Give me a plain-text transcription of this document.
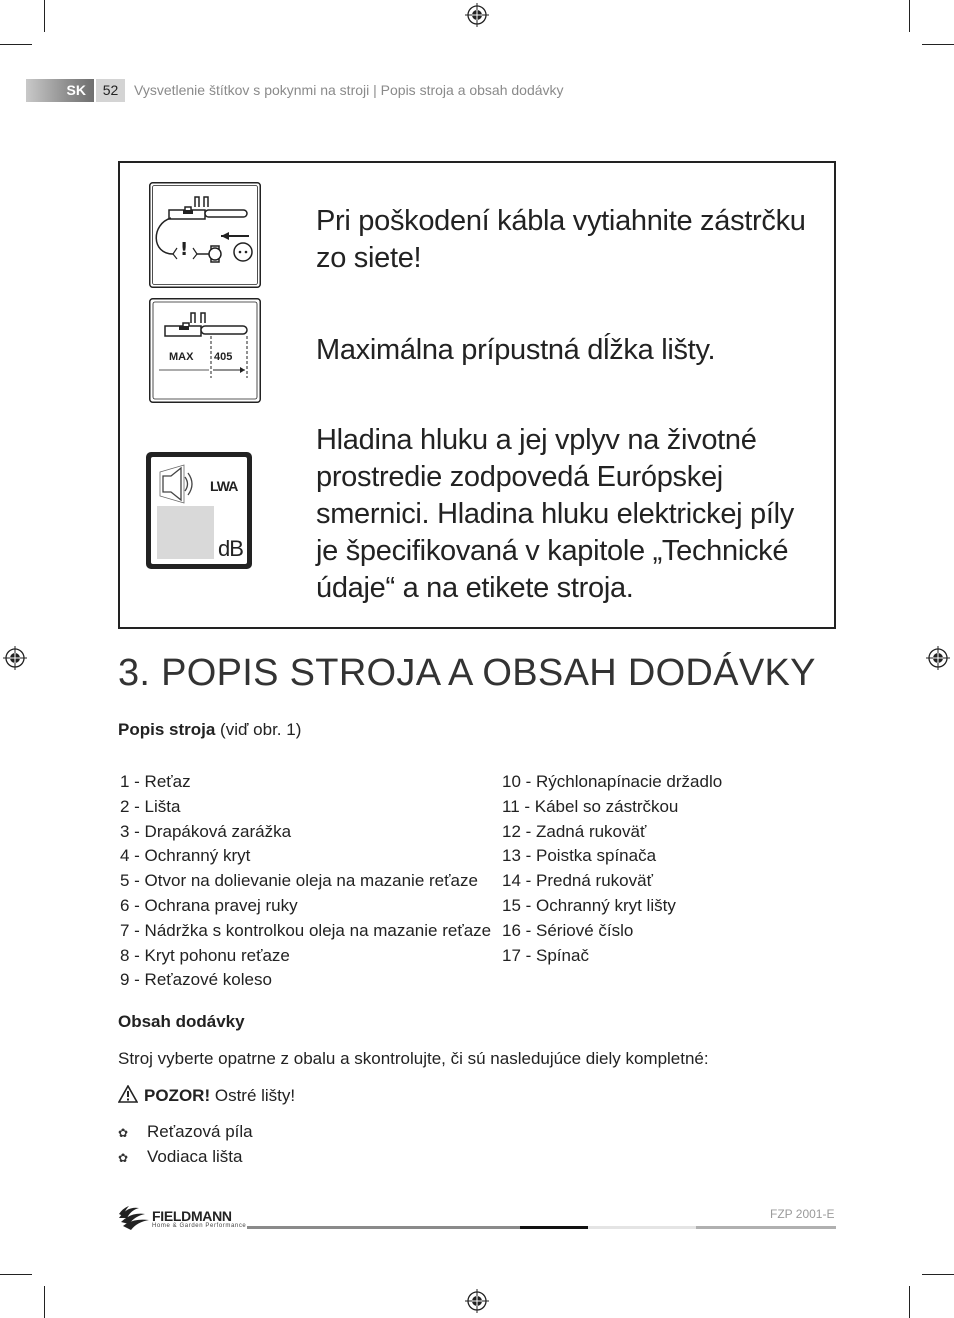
SK	52	Vysvetlenie štítkov s pokynmi na stroji | Popis stroja a obsah dodávky
!
Pri poškodení kábla vytiahnite zástrčku zo siete!
MAX 405	Maximálna prípustná dĺžka lišty.
LWA
dB
Hladina hluku a jej vplyv na životné prostredie zodpovedá Európskej smernici. Hladina hluku elektrickej píly je špecifikovaná v kapitole „Technické údaje“ a na etikete stroja.
3. POPIS STROJA A OBSAH DODÁVKY
Popis stroja (viď obr. 1)
1 - Reťaz
2 - Lišta
3 - Drapáková zarážka
4 - Ochranný kryt
5 - Otvor na dolievanie oleja na mazanie reťaze
6 - Ochrana pravej ruky
7 - Nádržka s kontrolkou oleja na mazanie reťaze
8 - Kryt pohonu reťaze
9 - Reťazové koleso
10 - Rýchlonapínacie držadlo
11 - Kábel so zástrčkou
12 - Zadná rukoväť
13 - Poistka spínača
14 - Predná rukoväť
15 - Ochranný kryt lišty
16 - Sériové číslo
17 - Spínač
Obsah dodávky
Stroj vyberte opatrne z obalu a skontrolujte, či sú nasledujúce diely kompletné:
POZOR! Ostré lišty!
✿ Reťazová píla
✿ Vodiaca lišta
FIELDMANN
Home & Garden Performance
FZP 2001-E
